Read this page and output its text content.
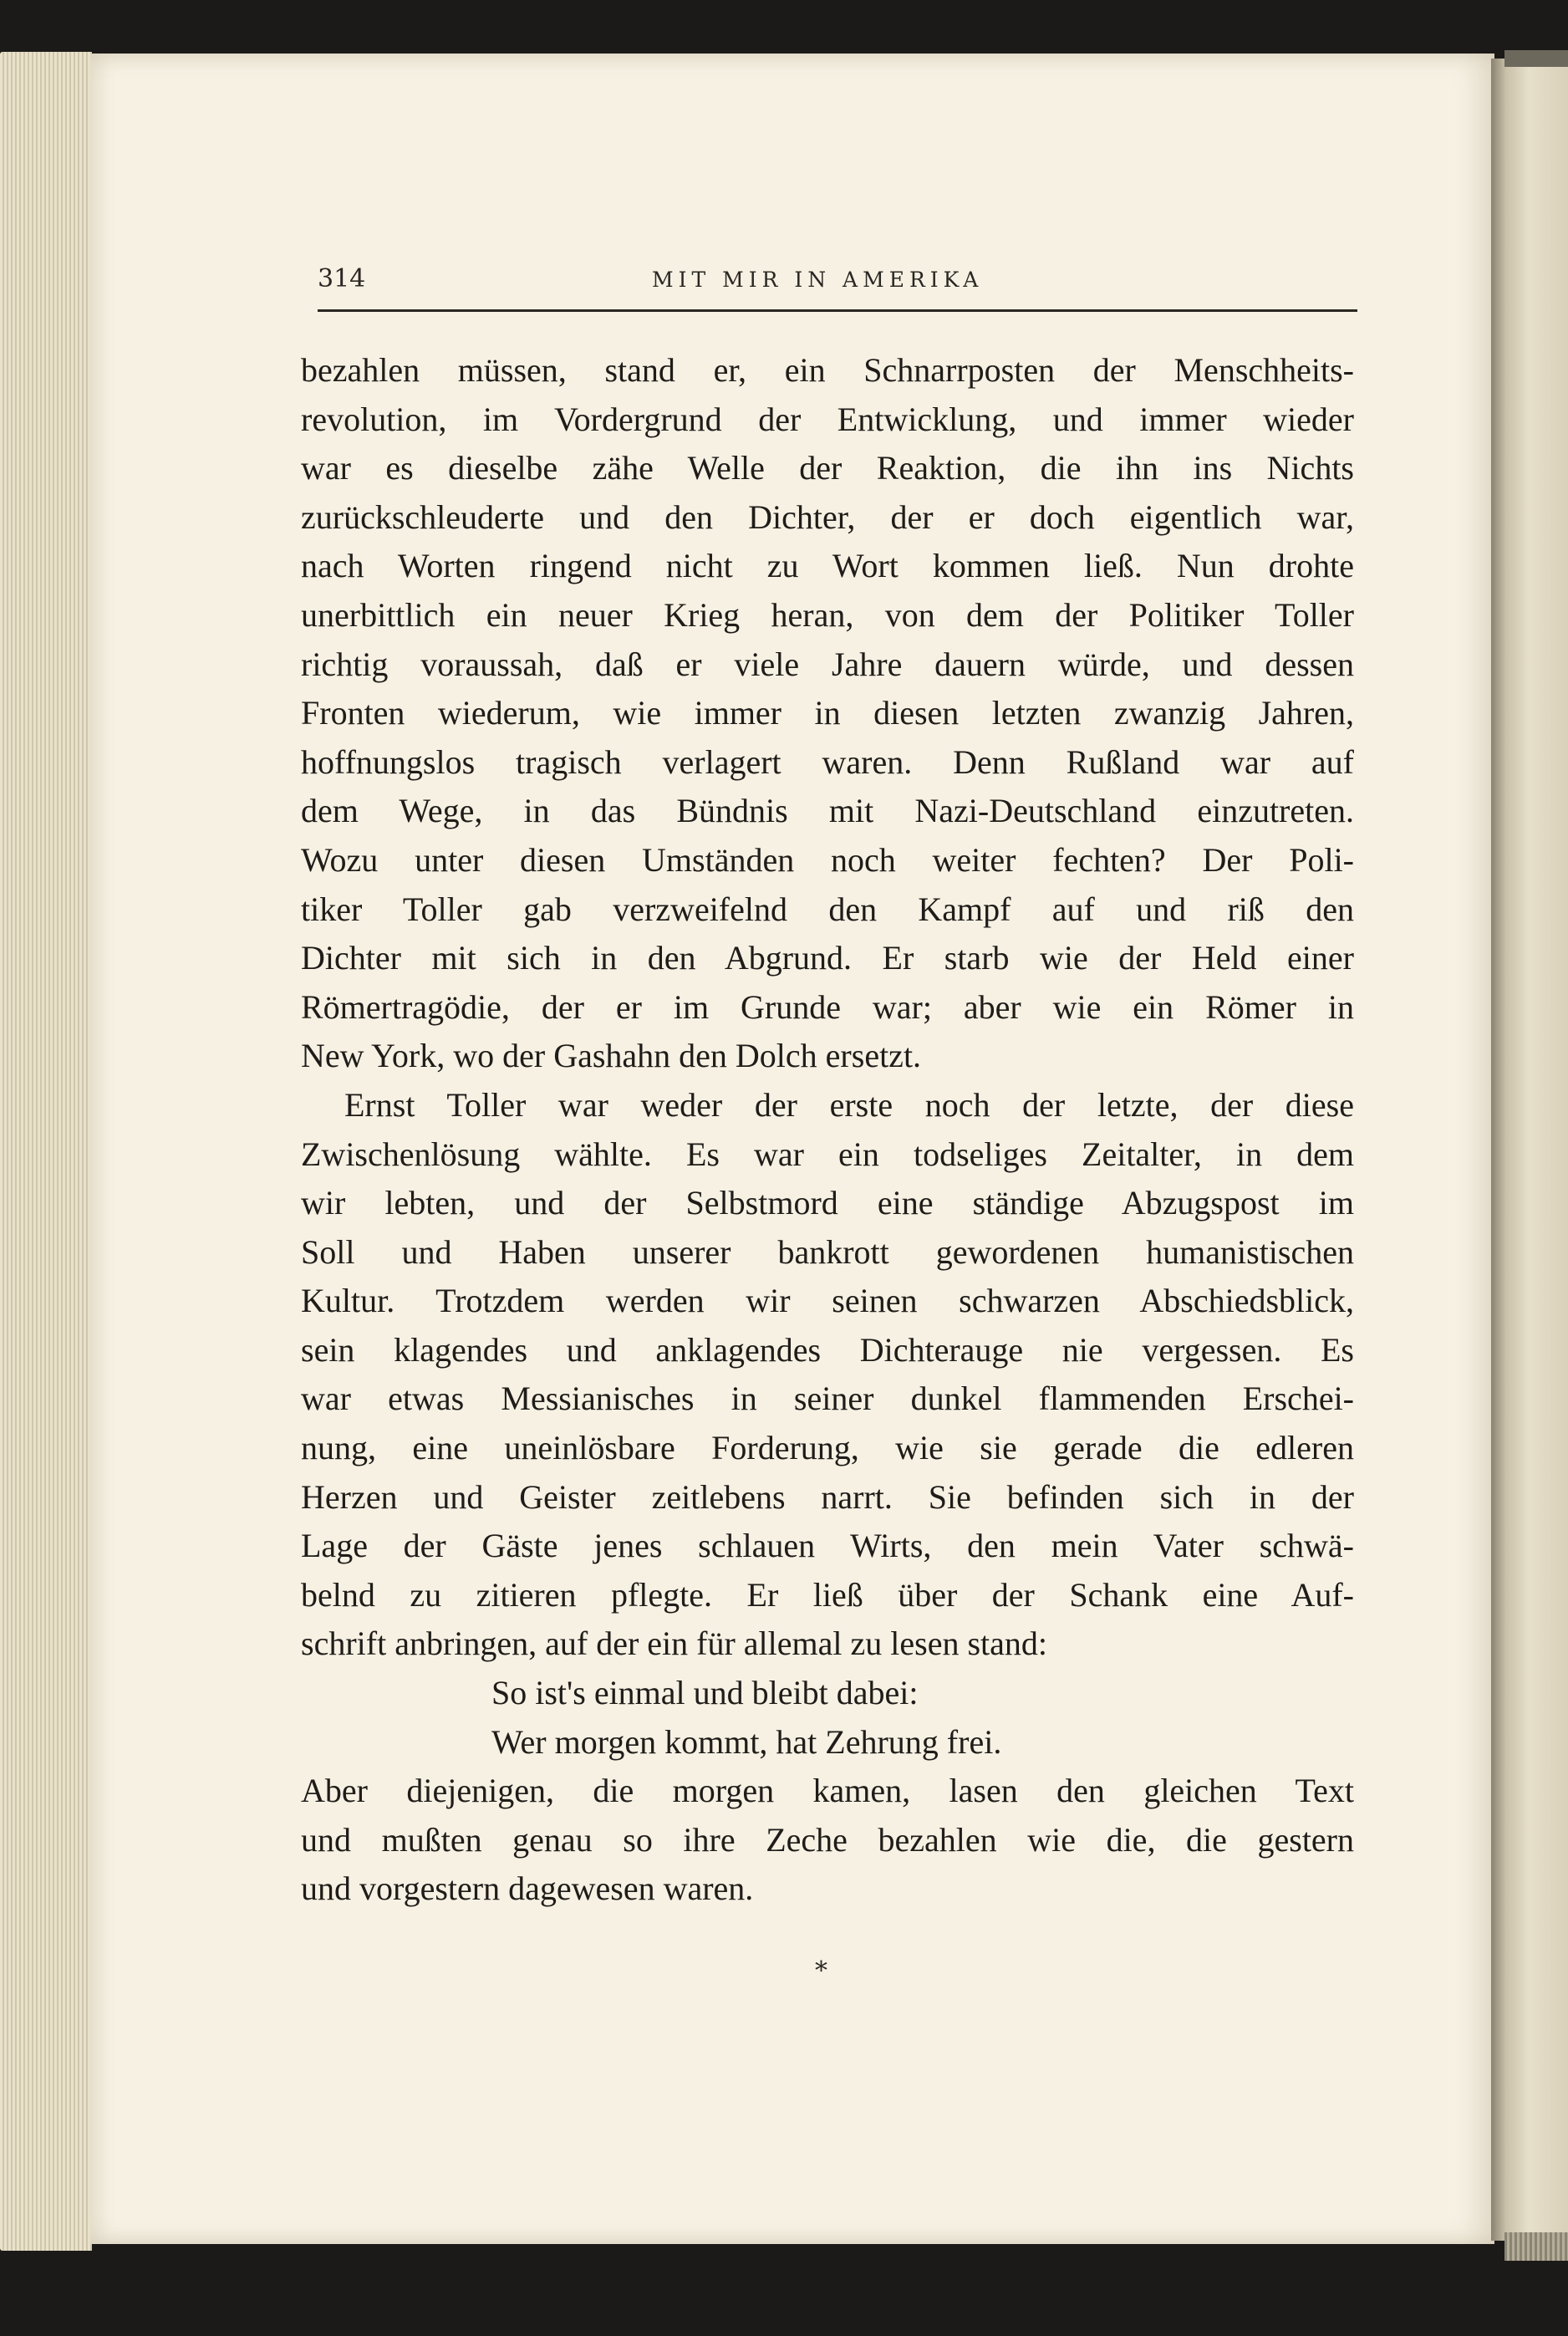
314	MIT MIR IN AMERIKA
bezahlen müssen, stand er, ein Schnarrposten der Menschheits-
revolution, im Vordergrund der Entwicklung, und immer wieder
war es dieselbe zähe Welle der Reaktion, die ihn ins Nichts
zurückschleuderte und den Dichter, der er doch eigentlich war,
nach Worten ringend nicht zu Wort kommen ließ. Nun drohte
unerbittlich ein neuer Krieg heran, von dem der Politiker Toller
richtig voraussah, daß er viele Jahre dauern würde, und dessen
Fronten wiederum, wie immer in diesen letzten zwanzig Jahren,
hoffnungslos tragisch verlagert waren. Denn Rußland war auf
dem Wege, in das Bündnis mit Nazi-Deutschland einzutreten.
Wozu unter diesen Umständen noch weiter fechten? Der Poli-
tiker Toller gab verzweifelnd den Kampf auf und riß den
Dichter mit sich in den Abgrund. Er starb wie der Held einer
Römertragödie, der er im Grunde war; aber wie ein Römer in
New York, wo der Gashahn den Dolch ersetzt.
Ernst Toller war weder der erste noch der letzte, der diese
Zwischenlösung wählte. Es war ein todseliges Zeitalter, in dem
wir lebten, und der Selbstmord eine ständige Abzugspost im
Soll und Haben unserer bankrott gewordenen humanistischen
Kultur. Trotzdem werden wir seinen schwarzen Abschiedsblick,
sein klagendes und anklagendes Dichterauge nie vergessen. Es
war etwas Messianisches in seiner dunkel flammenden Erschei-
nung, eine uneinlösbare Forderung, wie sie gerade die edleren
Herzen und Geister zeitlebens narrt. Sie befinden sich in der
Lage der Gäste jenes schlauen Wirts, den mein Vater schwä-
belnd zu zitieren pflegte. Er ließ über der Schank eine Auf-
schrift anbringen, auf der ein für allemal zu lesen stand:
So ist's einmal und bleibt dabei:
Wer morgen kommt, hat Zehrung frei.
Aber diejenigen, die morgen kamen, lasen den gleichen Text
und mußten genau so ihre Zeche bezahlen wie die, die gestern
und vorgestern dagewesen waren.
*
